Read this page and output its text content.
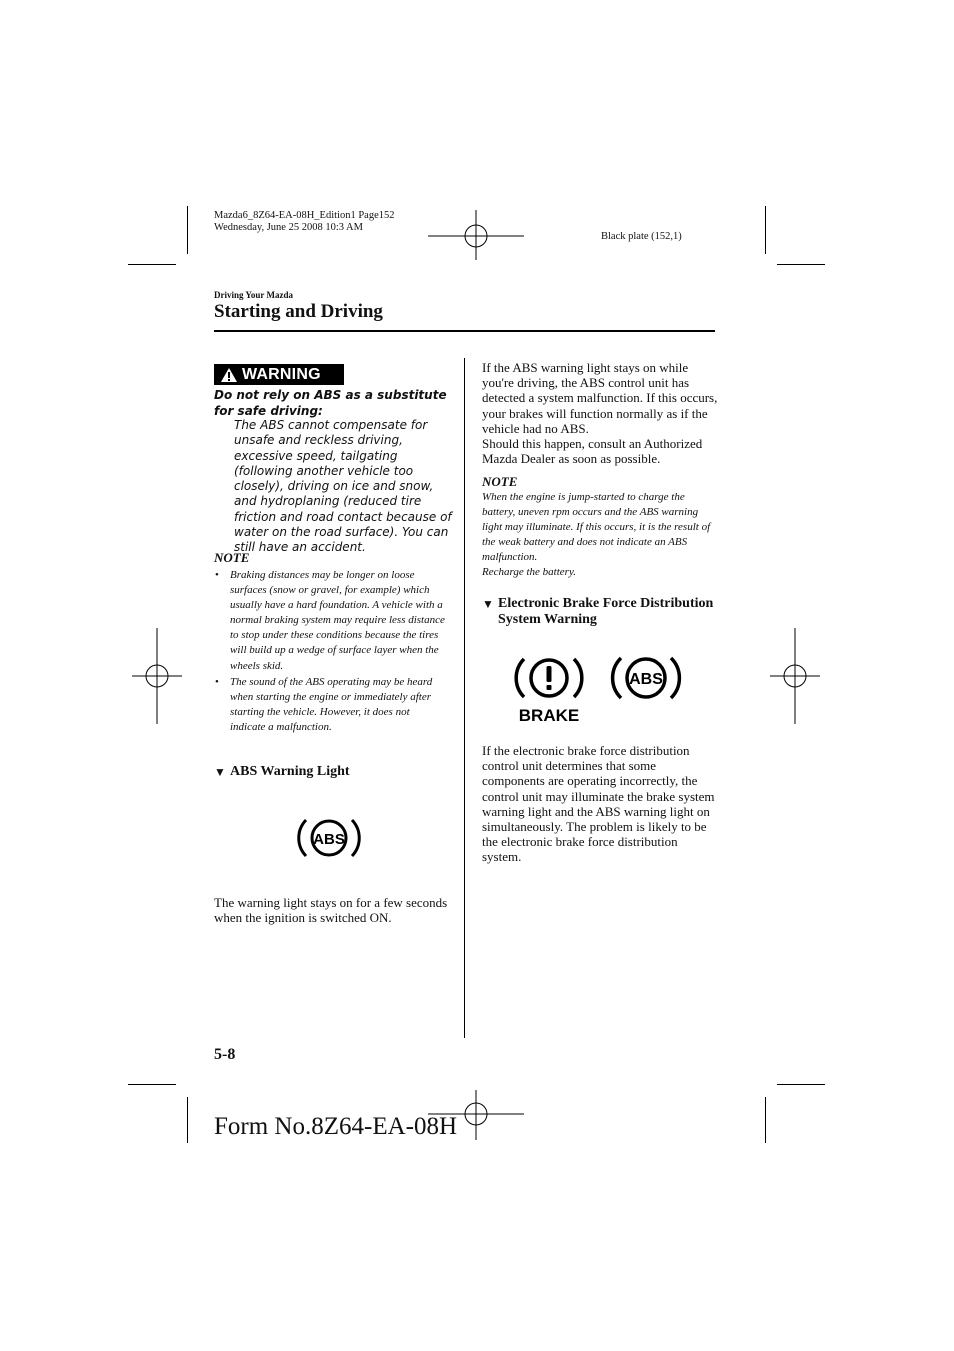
Mazda6_8Z64-EA-08H_Edition1 Page152
Wednesday, June 25 2008 10:3 AM
Black plate (152,1)
Driving Your Mazda
Starting and Driving
WARNING
Do not rely on ABS as a substitute for safe driving:
The ABS cannot compensate for unsafe and reckless driving, excessive speed, tailgating (following another vehicle too closely), driving on ice and snow, and hydroplaning (reduced tire friction and road contact because of water on the road surface). You can still have an accident.
NOTE
• Braking distances may be longer on loose surfaces (snow or gravel, for example) which usually have a hard foundation. A vehicle with a normal braking system may require less distance to stop under these conditions because the tires will build up a wedge of surface layer when the wheels skid.
• The sound of the ABS operating may be heard when starting the engine or immediately after starting the vehicle. However, it does not indicate a malfunction.
▼ ABS Warning Light
ABS
The warning light stays on for a few seconds when the ignition is switched ON.
If the ABS warning light stays on while you're driving, the ABS control unit has detected a system malfunction. If this occurs, your brakes will function normally as if the vehicle had no ABS.
Should this happen, consult an Authorized Mazda Dealer as soon as possible.
NOTE
When the engine is jump-started to charge the battery, uneven rpm occurs and the ABS warning light may illuminate. If this occurs, it is the result of the weak battery and does not indicate an ABS malfunction.
Recharge the battery.
▼ Electronic Brake Force Distribution System Warning
BRAKE
ABS
If the electronic brake force distribution control unit determines that some components are operating incorrectly, the control unit may illuminate the brake system warning light and the ABS warning light on simultaneously. The problem is likely to be the electronic brake force distribution system.
5-8
Form No.8Z64-EA-08H
